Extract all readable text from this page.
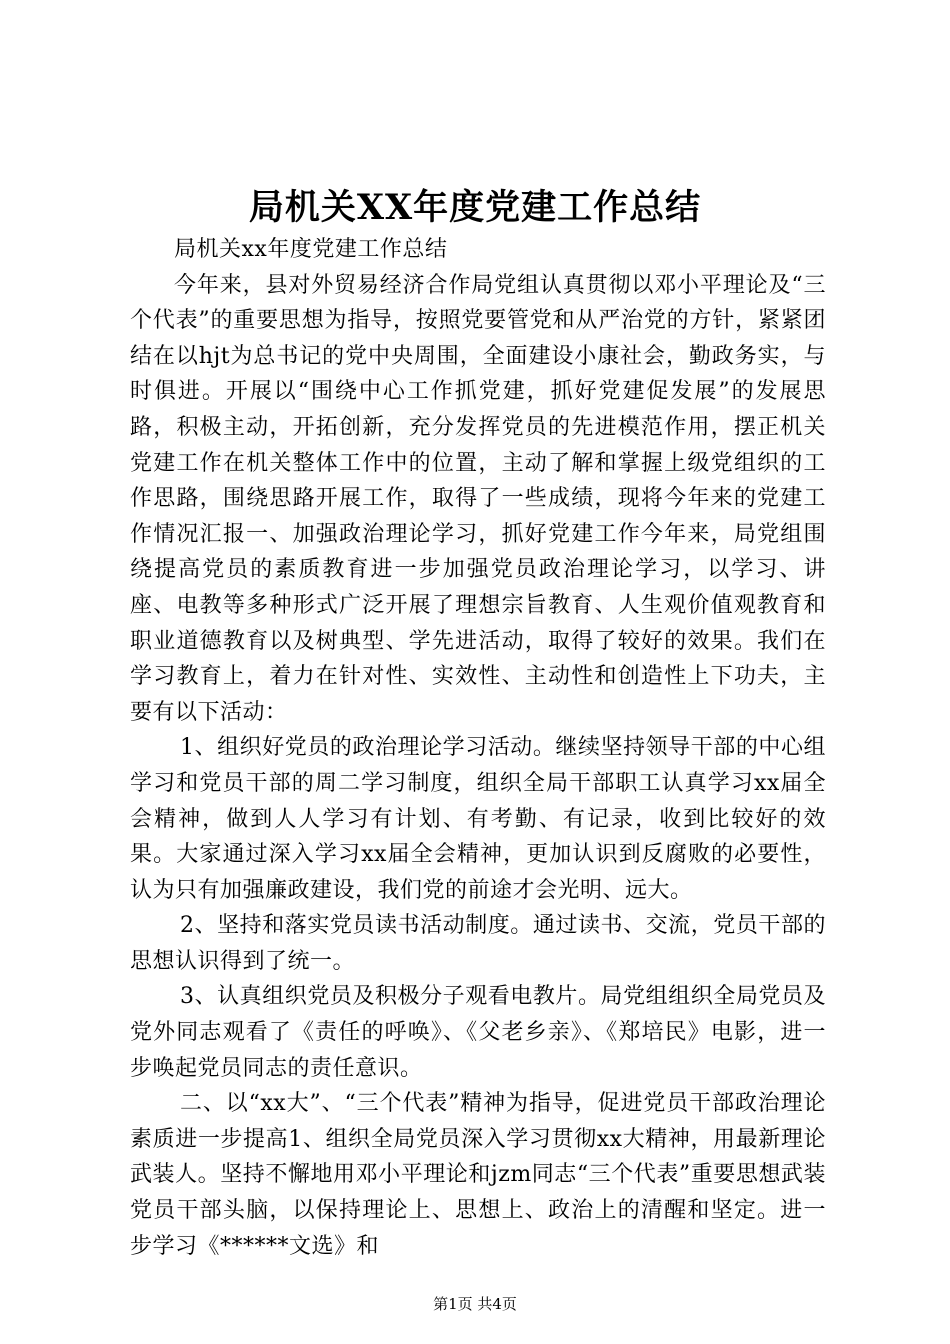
局机关XX年度党建工作总结

局机关xx年度党建工作总结

今年来，县对外贸易经济合作局党组认真贯彻以邓小平理论及“三个代表”的重要思想为指导，按照党要管党和从严治党的方针，紧紧团结在以hjt为总书记的党中央周围，全面建设小康社会，勤政务实，与时俱进。开展以“围绕中心工作抓党建，抓好党建促发展”的发展思路，积极主动，开拓创新，充分发挥党员的先进模范作用，摆正机关党建工作在机关整体工作中的位置，主动了解和掌握上级党组织的工作思路，围绕思路开展工作，取得了一些成绩，现将今年来的党建工作情况汇报一、加强政治理论学习，抓好党建工作今年来，局党组围绕提高党员的素质教育进一步加强党员政治理论学习，以学习、讲座、电教等多种形式广泛开展了理想宗旨教育、人生观价值观教育和职业道德教育以及树典型、学先进活动，取得了较好的效果。我们在学习教育上，着力在针对性、实效性、主动性和创造性上下功夫，主要有以下活动：

1、组织好党员的政治理论学习活动。继续坚持领导干部的中心组学习和党员干部的周二学习制度，组织全局干部职工认真学习xx届全会精神，做到人人学习有计划、有考勤、有记录，收到比较好的效果。大家通过深入学习xx届全会精神，更加认识到反腐败的必要性，认为只有加强廉政建设，我们党的前途才会光明、远大。

2、坚持和落实党员读书活动制度。通过读书、交流，党员干部的思想认识得到了统一。

3、认真组织党员及积极分子观看电教片。局党组组织全局党员及党外同志观看了《责任的呼唤》、《父老乡亲》、《郑培民》电影，进一步唤起党员同志的责任意识。

二、以“xx大”、“三个代表”精神为指导，促进党员干部政治理论素质进一步提高1、组织全局党员深入学习贯彻xx大精神，用最新理论武装人。坚持不懈地用邓小平理论和jzm同志“三个代表”重要思想武装党员干部头脑，以保持理论上、思想上、政治上的清醒和坚定。进一步学习《******文选》和

第1页 共4页
